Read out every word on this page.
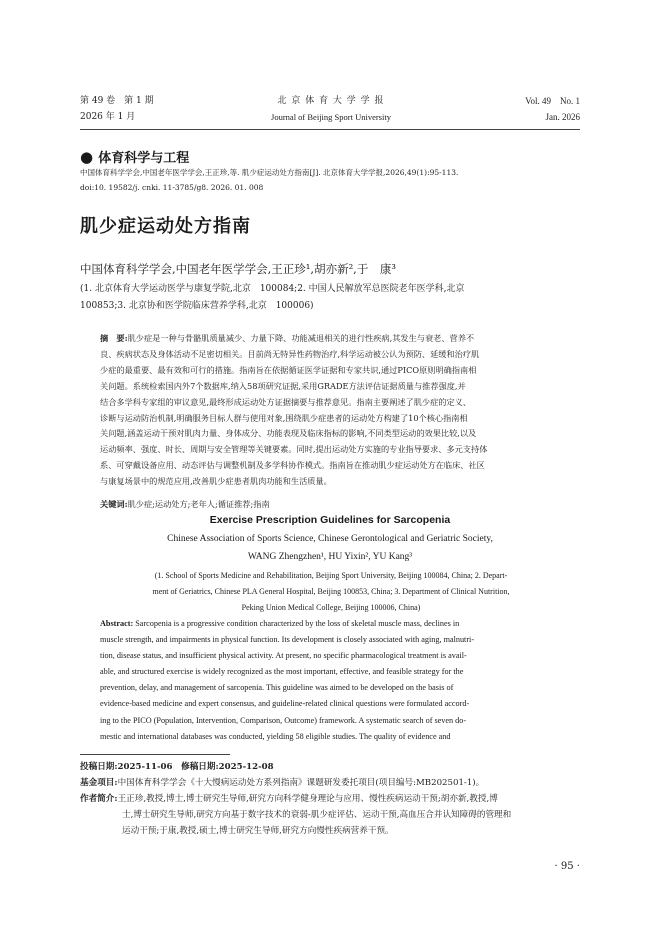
第 49 卷　第 1 期
2026 年 1 月
北 京 体 育 大 学 学 报
Journal of Beijing Sport University
Vol. 49　No. 1
Jan. 2026
● 体育科学与工程
中国体育科学学会,中国老年医学学会,王正珍,等. 肌少症运动处方指南[J]. 北京体育大学学报,2026,49(1):95-113.
doi:10. 19582/j. cnki. 11-3785/g8. 2026. 01. 008
肌少症运动处方指南
中国体育科学学会,中国老年医学学会,王正珍¹,胡亦新²,于　康³
(1. 北京体育大学运动医学与康复学院,北京　100084;2. 中国人民解放军总医院老年医学科,北京
100853;3. 北京协和医学院临床营养学科,北京　100006)
摘　要:肌少症是一种与骨骼肌质量减少、力量下降、功能减退相关的进行性疾病,其发生与衰老、营养不
良、疾病状态及身体活动不足密切相关。目前尚无特异性药物治疗,科学运动被公认为预防、延缓和治疗肌
少症的最重要、最有效和可行的措施。指南旨在依据循证医学证据和专家共识,通过PICO原则明确指南相
关问题。系统检索国内外7个数据库,纳入58项研究证据,采用GRADE方法评估证据质量与推荐强度,并
结合多学科专家组的审议意见,最终形成运动处方证据摘要与推荐意见。指南主要阐述了肌少症的定义、
诊断与运动防治机制,明确服务目标人群与使用对象,围绕肌少症患者的运动处方构建了10个核心指南相
关问题,涵盖运动干预对肌肉力量、身体成分、功能表现及临床指标的影响,不同类型运动的效果比较,以及
运动频率、强度、时长、周期与安全管理等关键要素。同时,提出运动处方实施的专业指导要求、多元支持体
系、可穿戴设备应用、动态评估与调整机制及多学科协作模式。指南旨在推动肌少症运动处方在临床、社区
与康复场景中的规范应用,改善肌少症患者肌肉功能和生活质量。
关键词:肌少症;运动处方;老年人;循证推荐;指南
Exercise Prescription Guidelines for Sarcopenia
Chinese Association of Sports Science, Chinese Gerontological and Geriatric Society,
WANG Zhengzhen¹, HU Yixin², YU Kang³
(1. School of Sports Medicine and Rehabilitation, Beijing Sport University, Beijing 100084, China; 2. Depart-
ment of Geriatrics, Chinese PLA General Hospital, Beijing 100853, China; 3. Department of Clinical Nutrition,
Peking Union Medical College, Beijing 100006, China)
Abstract: Sarcopenia is a progressive condition characterized by the loss of skeletal muscle mass, declines in
muscle strength, and impairments in physical function. Its development is closely associated with aging, malnutri-
tion, disease status, and insufficient physical activity. At present, no specific pharmacological treatment is avail-
able, and structured exercise is widely recognized as the most important, effective, and feasible strategy for the
prevention, delay, and management of sarcopenia. This guideline was aimed to be developed on the basis of
evidence-based medicine and expert consensus, and guideline-related clinical questions were formulated accord-
ing to the PICO (Population, Intervention, Comparison, Outcome) framework. A systematic search of seven do-
mestic and international databases was conducted, yielding 58 eligible studies. The quality of evidence and
投稿日期:2025-11-06　修稿日期:2025-12-08
基金项目:中国体育科学学会《十大慢病运动处方系列指南》课题研发委托项目(项目编号:MB202501-1)。
作者简介:王正珍,教授,博士,博士研究生导师,研究方向科学健身理论与应用、慢性疾病运动干预;胡亦新,教授,博
士,博士研究生导师,研究方向基于数字技术的衰弱-肌少症评估、运动干预,高血压合并认知障碍的管理和
运动干预;于康,教授,硕士,博士研究生导师,研究方向慢性疾病营养干预。
· 95 ·
